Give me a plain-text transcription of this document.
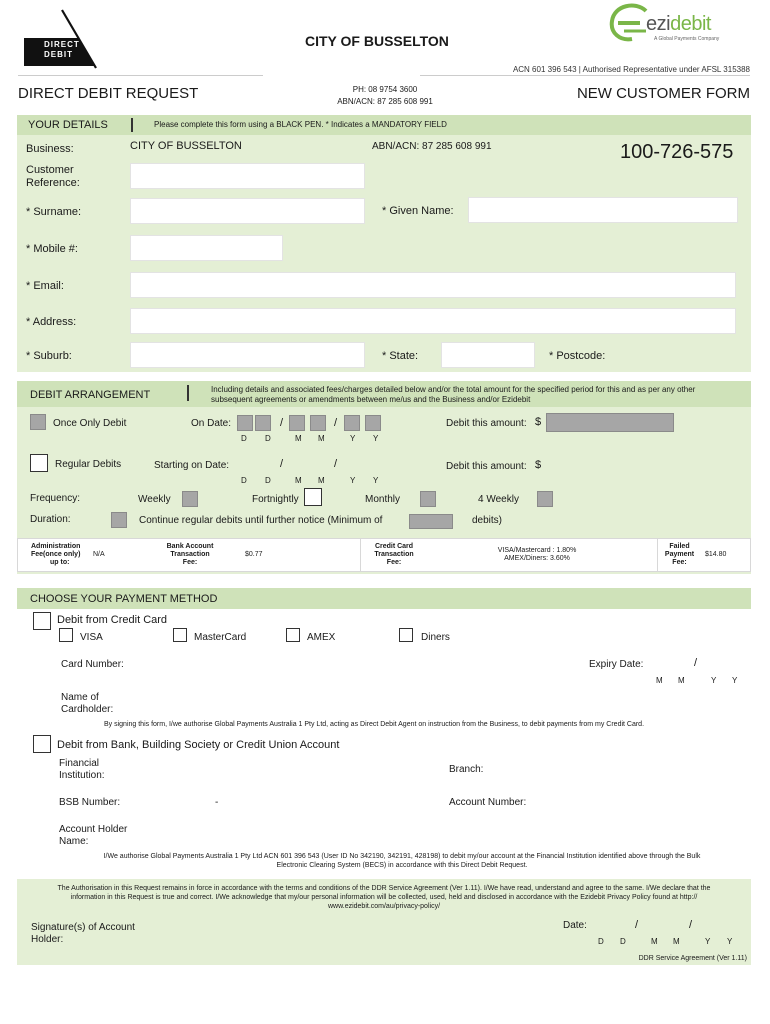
DIRECT
DEBIT
CITY OF BUSSELTON
ezidebit
A Global Payments Company
ACN 601 396 543 | Authorised Representative under AFSL 315388
DIRECT DEBIT REQUEST	PH: 08 9754 3600
ABN/ACN: 87 285 608 991	NEW CUSTOMER FORM
YOUR DETAILS	Please complete this form using a BLACK PEN. * Indicates a MANDATORY FIELD
Business:	CITY OF BUSSELTON	ABN/ACN: 87 285 608 991	100-726-575
Customer
Reference:
* Surname:	* Given Name:
* Mobile #:
* Email:
* Address:
* Suburb:	* State:	* Postcode:
DEBIT ARRANGEMENT	Including details and associated fees/charges detailed below and/or the total amount for the specified period for this and as per any other
subsequent agreements or amendments between me/us and the Business and/or Ezidebit
Once Only Debit	On Date:	/	/
D D	M M	Y Y
Debit this amount: $
Regular Debits	Starting on Date:	/	/
D D	M M	Y Y
Debit this amount: $
Frequency:	Weekly	Fortnightly	Monthly	4 Weekly
Duration:	Continue regular debits until further notice (Minimum of	debits)
Administration
Fee(once only)
up to:
N/A
Bank Account
Transaction
Fee:
$0.77
Credit Card
Transaction
Fee:
VISA/Mastercard : 1.80%
AMEX/Diners: 3.60%
Failed
Payment
Fee:
$14.80
CHOOSE YOUR PAYMENT METHOD
Debit from Credit Card
VISA	MasterCard	AMEX	Diners
Card Number:	Expiry Date:	/
M M	Y Y
Name of
Cardholder:
By signing this form, I/we authorise Global Payments Australia 1 Pty Ltd, acting as Direct Debit Agent on instruction from the Business, to debit payments from my Credit Card.
Debit from Bank, Building Society or Credit Union Account
Financial
Institution:
Branch:
BSB Number:	-	Account Number:
Account Holder
Name:
I/We authorise Global Payments Australia 1 Pty Ltd ACN 601 396 543 (User ID No 342190, 342191, 428198) to debit my/our account at the Financial Institution identified above through the Bulk
Electronic Clearing System (BECS) in accordance with this Direct Debit Request.
The Authorisation in this Request remains in force in accordance with the terms and conditions of the DDR Service Agreement (Ver 1.11). I/We have read, understand and agree to the same. I/We declare that the
information in this Request is true and correct. I/We acknowledge that my/our personal information will be collected, used, held and disclosed in accordance with the Ezidebit Privacy Policy found at http://
www.ezidebit.com/au/privacy-policy/
Signature(s) of Account
Holder:
Date:	/	/
D D	M M	Y Y
DDR Service Agreement (Ver 1.11)
